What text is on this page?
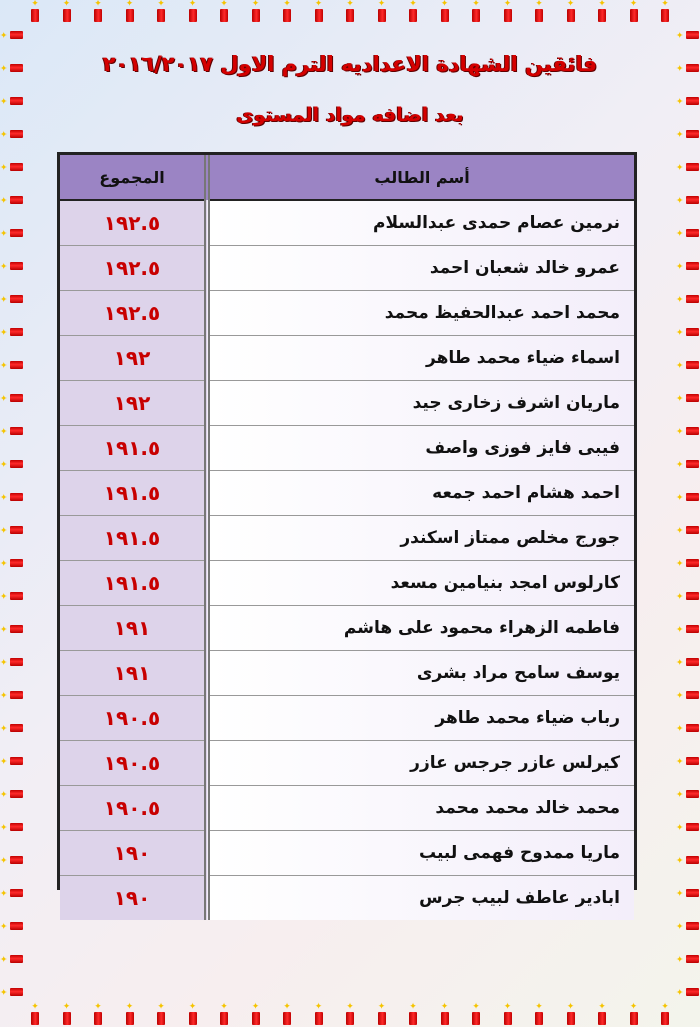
✦	✦	✦	✦	✦	✦	✦	✦	✦	✦	✦	✦	✦	✦	✦	✦	✦	✦	✦	✦	✦
✦	✦	✦	✦	✦	✦	✦	✦	✦	✦	✦	✦	✦	✦	✦	✦	✦	✦	✦	✦	✦
✦
✦
✦
✦
✦
✦
✦
✦
✦
✦
✦
✦
✦
✦
✦
✦
✦
✦
✦
✦
✦
✦
✦
✦
✦
✦
✦
✦
✦
✦
✦
✦
✦
✦
✦
✦
✦
✦
✦
✦
✦
✦
✦
✦
✦
✦
✦
✦
✦
✦
✦
✦
✦
✦
✦
✦
✦
✦
✦
✦
فائقين الشهادة الاعداديه الترم الاول ٢٠١٦/٢٠١٧
بعد اضافه مواد المستوى
المجموع	أسم الطالب
١٩٢.٥	نرمين عصام حمدى عبدالسلام
١٩٢.٥	عمرو خالد شعبان احمد
١٩٢.٥	محمد احمد عبدالحفيظ محمد
١٩٢	اسماء ضياء محمد طاهر
١٩٢	ماريان اشرف زخارى جيد
١٩١.٥	فيبى فايز فوزى واصف
١٩١.٥	احمد هشام احمد جمعه
١٩١.٥	جورج مخلص ممتاز اسكندر
١٩١.٥	كارلوس امجد بنيامين مسعد
١٩١	فاطمه الزهراء محمود على هاشم
١٩١	يوسف سامح مراد بشرى
١٩٠.٥	رباب ضياء محمد طاهر
١٩٠.٥	كيرلس عازر جرجس عازر
١٩٠.٥	محمد خالد محمد محمد
١٩٠	ماريا ممدوح فهمى لبيب
١٩٠	ابادير عاطف لبيب جرس
